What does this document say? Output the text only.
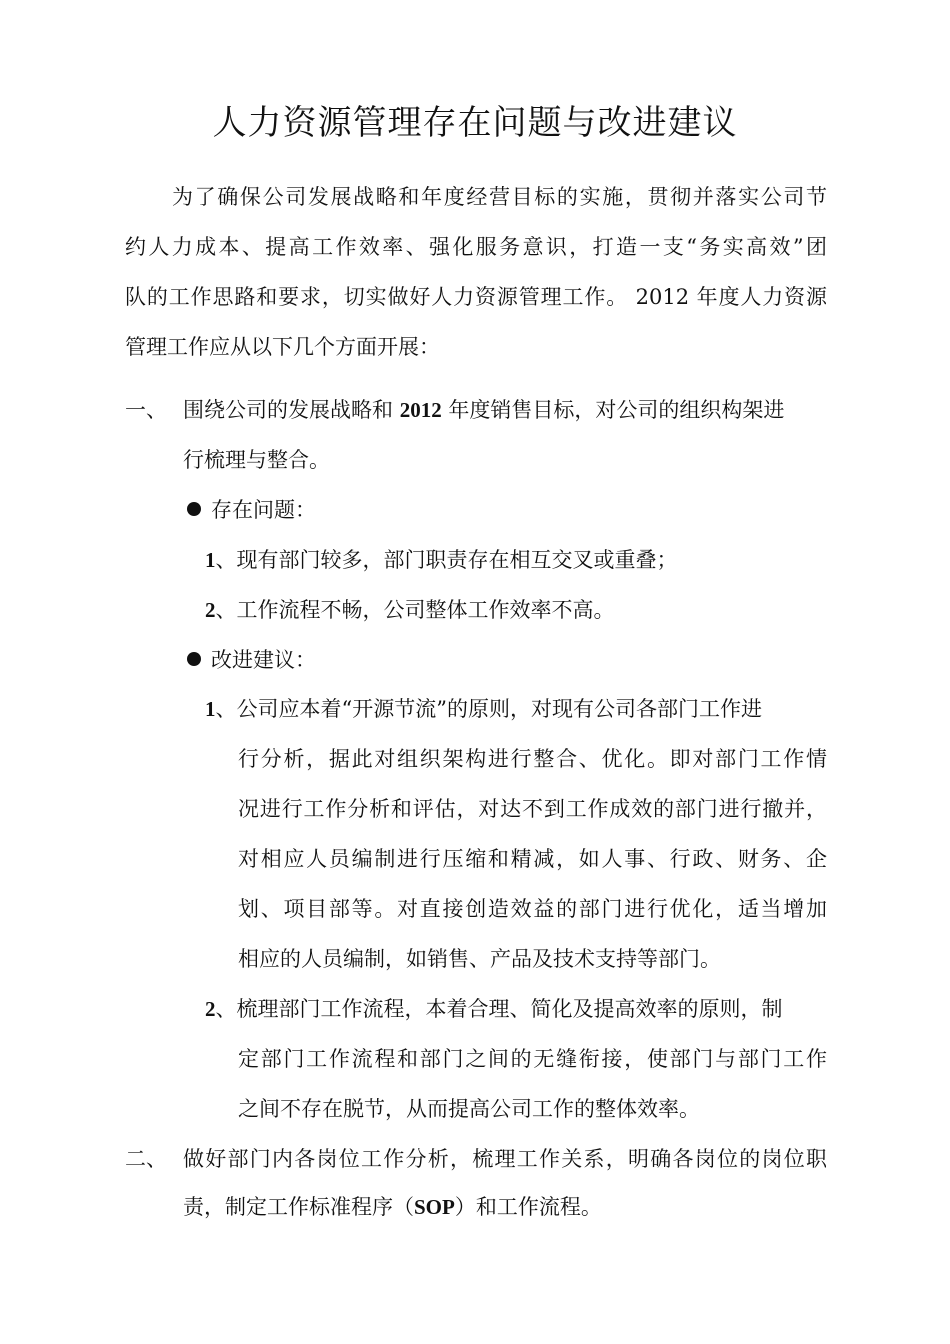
人力资源管理存在问题与改进建议
为了确保公司发展战略和年度经营目标的实施，贯彻并落实公司节
约人力成本、提高工作效率、强化服务意识，打造一支“务实高效”团
队的工作思路和要求，切实做好人力资源管理工作。 2012 年度人力资源
管理工作应从以下几个方面开展：
一、 围绕公司的发展战略和 2012 年度销售目标，对公司的组织构架进
行梳理与整合。
存在问题：
1、现有部门较多，部门职责存在相互交叉或重叠；
2、工作流程不畅，公司整体工作效率不高。
改进建议：
1、公司应本着“开源节流”的原则，对现有公司各部门工作进
行分析，据此对组织架构进行整合、优化。即对部门工作情
况进行工作分析和评估，对达不到工作成效的部门进行撤并，
对相应人员编制进行压缩和精减，如人事、行政、财务、企
划、项目部等。对直接创造效益的部门进行优化，适当增加
相应的人员编制，如销售、产品及技术支持等部门。
2、梳理部门工作流程，本着合理、简化及提高效率的原则，制
定部门工作流程和部门之间的无缝衔接，使部门与部门工作
之间不存在脱节，从而提高公司工作的整体效率。
二、 做好部门内各岗位工作分析，梳理工作关系，明确各岗位的岗位职
责，制定工作标准程序（SOP）和工作流程。
